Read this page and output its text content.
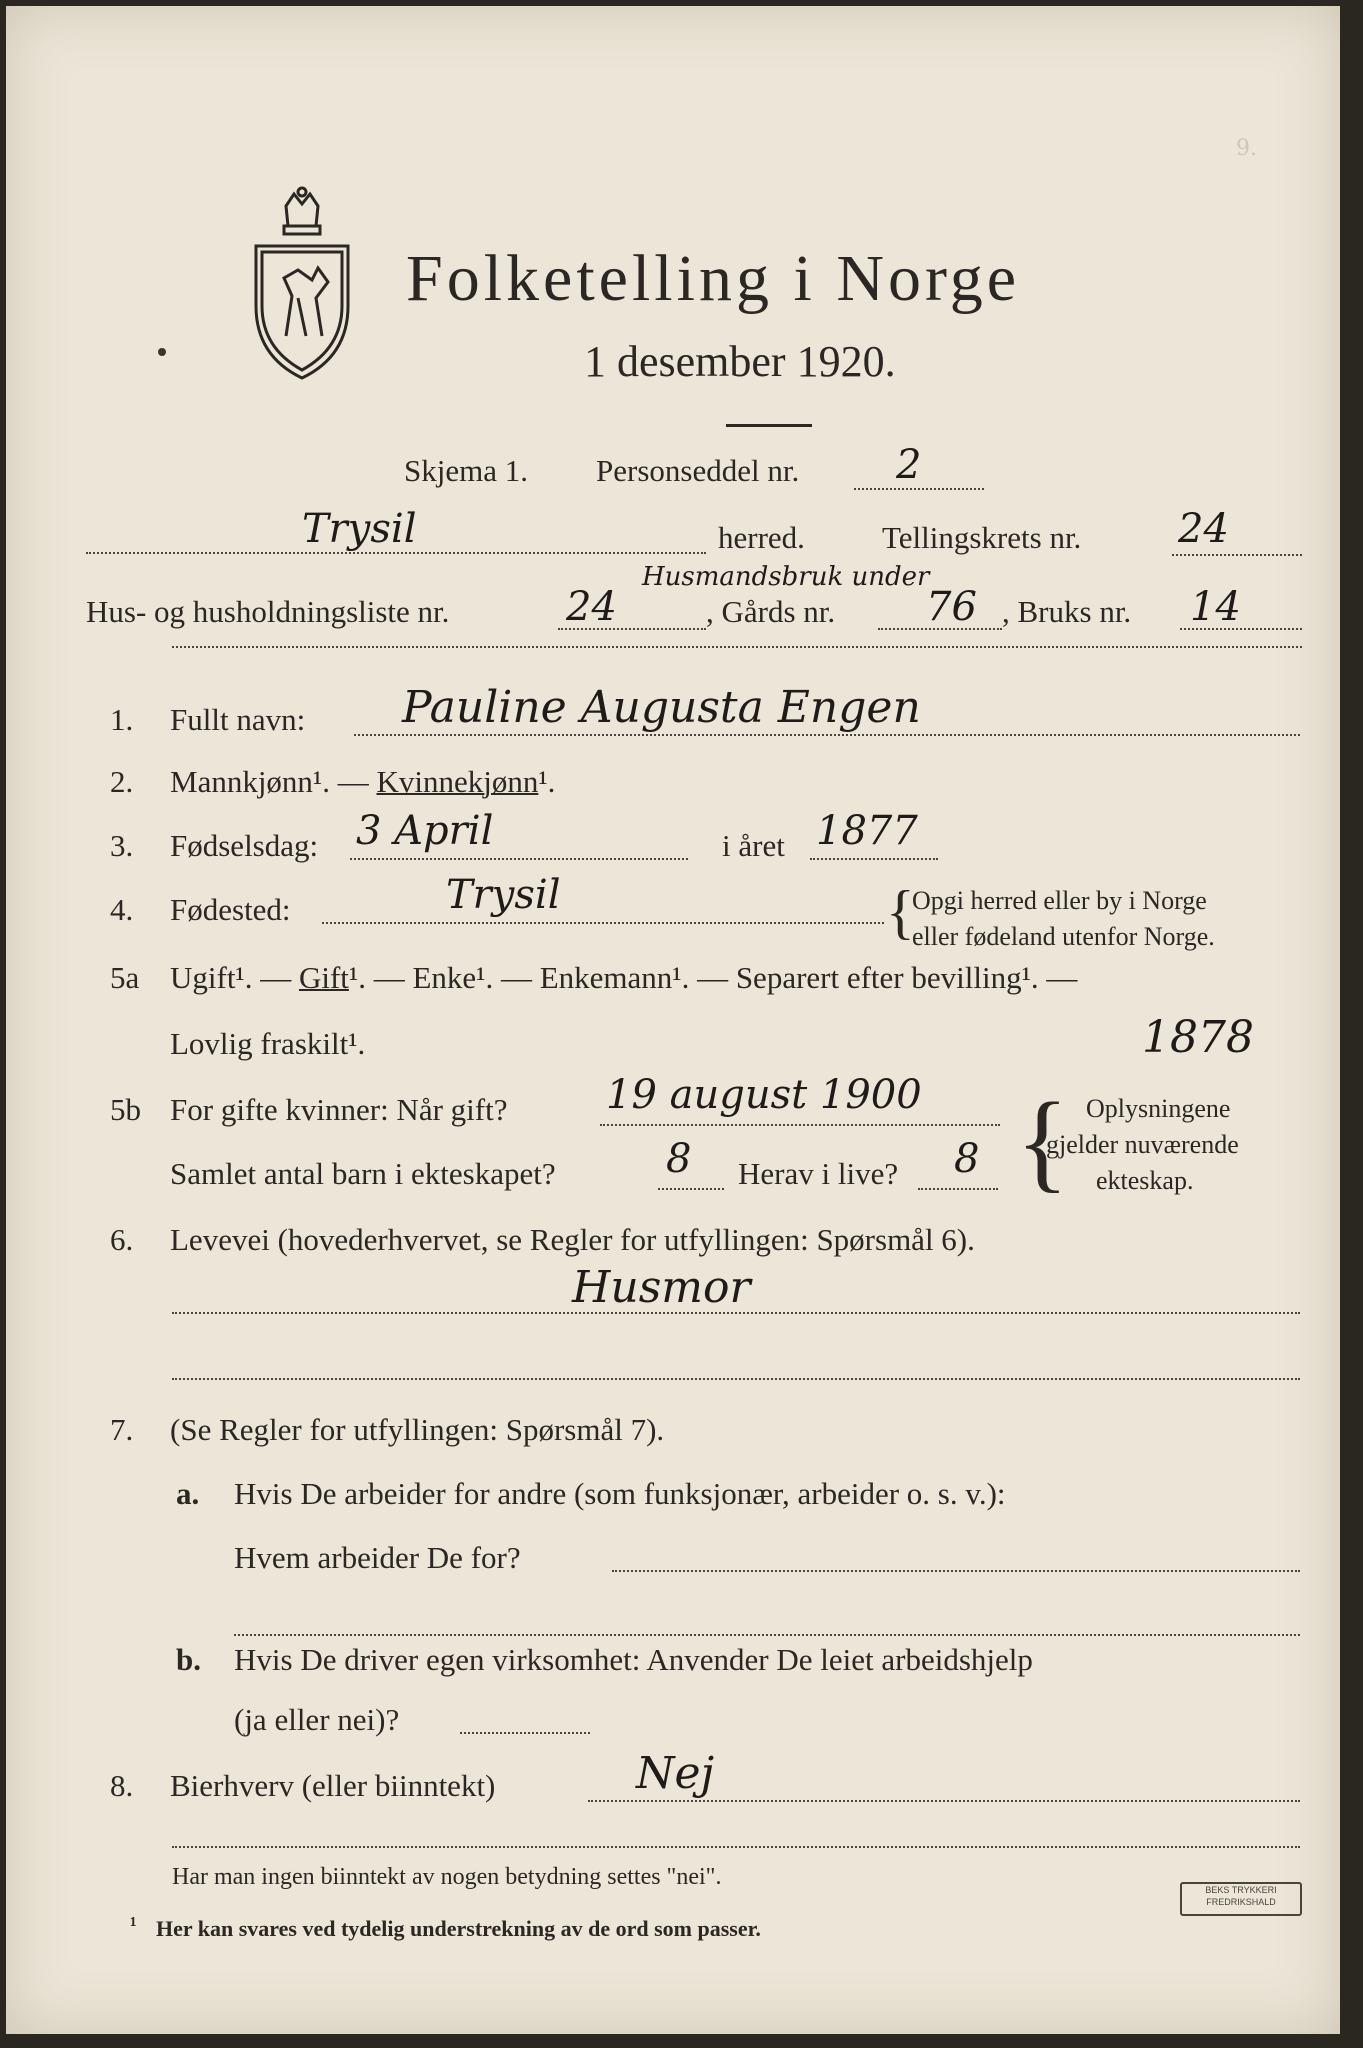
9.
Folketelling i Norge
1 desember 1920.
Skjema 1. Personseddel nr. 2
Trysil	herred. Tellingskrets nr. 24
Husmandsbruk under
Hus- og husholdningsliste nr.	24	, Gårds nr. 76 , Bruks nr. 14
1. Fullt navn: Pauline Augusta Engen
2. Mannkjønn¹. — Kvinnekjønn¹.
3. Fødselsdag: 3 April	i året 1877
4. Fødested:	Trysil	{
Opgi herred eller by i Norge
eller fødeland utenfor Norge.
5a Ugift¹. — Gift¹. — Enke¹. — Enkemann¹. — Separert efter bevilling¹. —
Lovlig fraskilt¹.	1878
5b For gifte kvinner: Når gift? 19 august 1900
Samlet antal barn i ekteskapet?	8 Herav i live? 8 { Oplysningene
gjelder nuværende
ekteskap.
6. Levevei (hovederhvervet, se Regler for utfyllingen: Spørsmål 6).
Husmor
7. (Se Regler for utfyllingen: Spørsmål 7).
a. Hvis De arbeider for andre (som funksjonær, arbeider o. s. v.):
Hvem arbeider De for?
b. Hvis De driver egen virksomhet: Anvender De leiet arbeidshjelp
(ja eller nei)?
8. Bierhverv (eller biinntekt)	Nej
Har man ingen biinntekt av nogen betydning settes "nei".
¹ Her kan svares ved tydelig understrekning av de ord som passer.
BEKS TRYKKERI
FREDRIKSHALD
